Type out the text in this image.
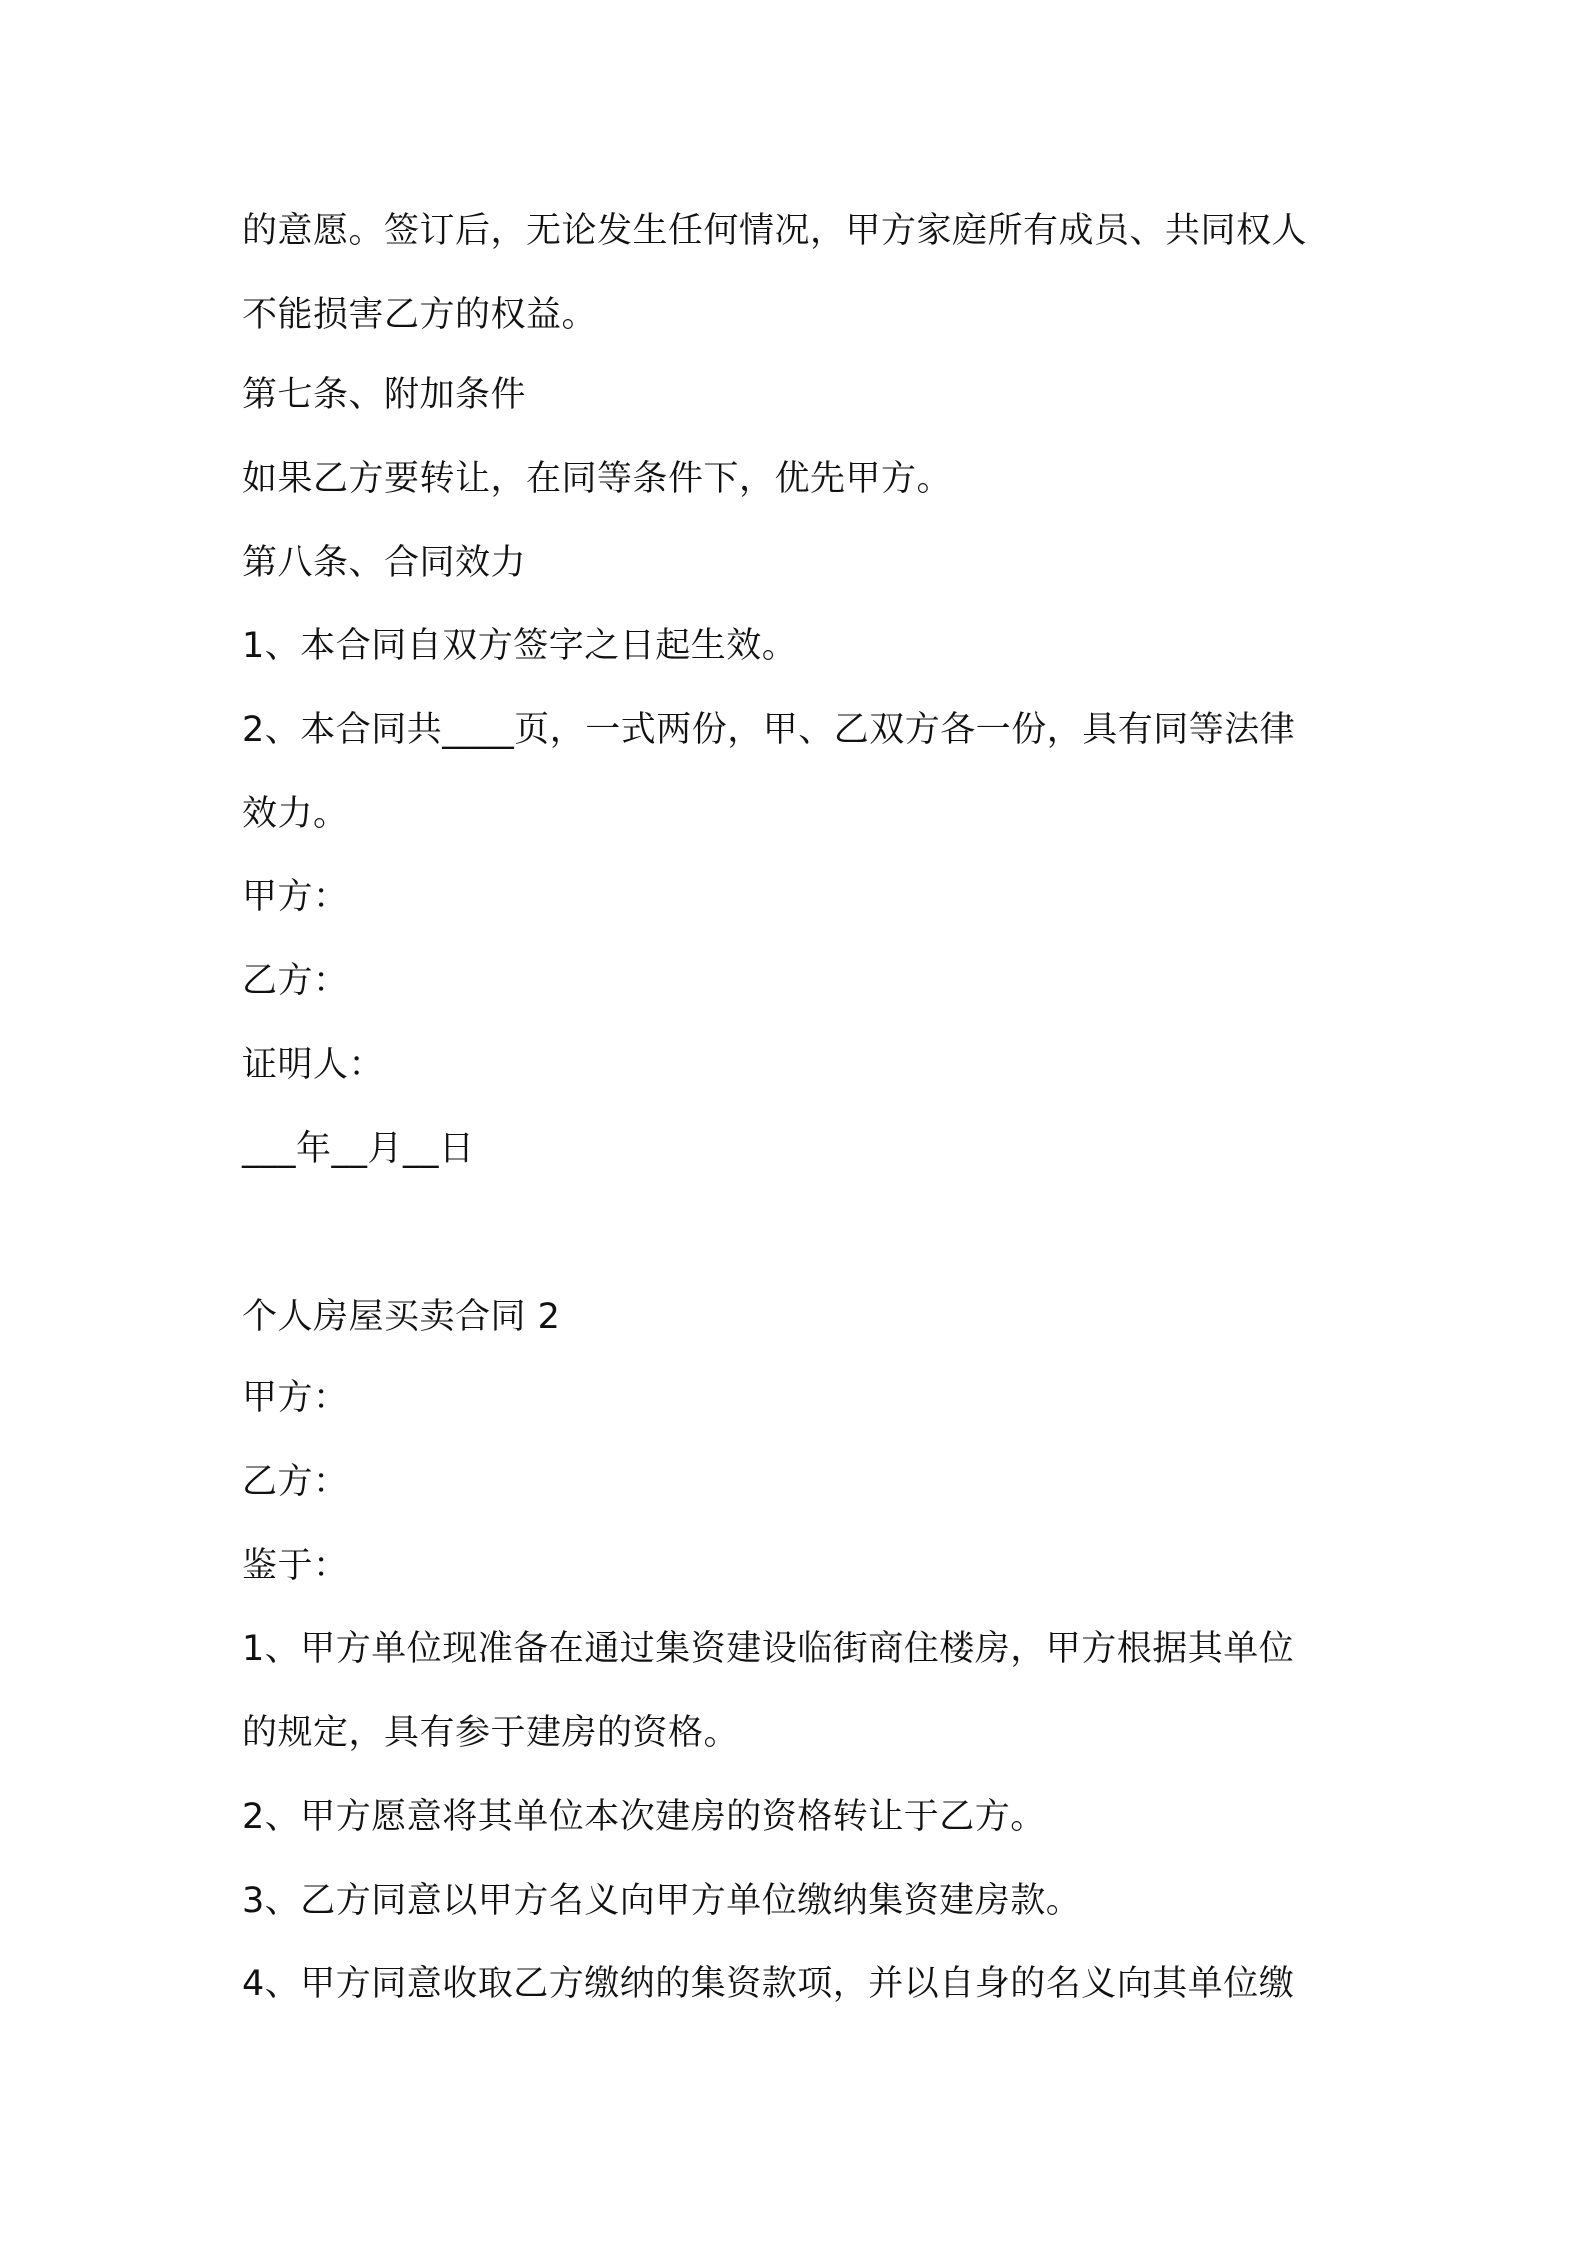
的意愿。签订后，无论发生任何情况，甲方家庭所有成员、共同权人
不能损害乙方的权益。
第七条、附加条件
如果乙方要转让，在同等条件下，优先甲方。
第八条、合同效力
1、本合同自双方签字之日起生效。
2、本合同共____页，一式两份，甲、乙双方各一份，具有同等法律
效力。
甲方：
乙方：
证明人：
___年__月__日
个人房屋买卖合同 2
甲方：
乙方：
鉴于：
1、甲方单位现准备在通过集资建设临街商住楼房，甲方根据其单位
的规定，具有参于建房的资格。
2、甲方愿意将其单位本次建房的资格转让于乙方。
3、乙方同意以甲方名义向甲方单位缴纳集资建房款。
4、甲方同意收取乙方缴纳的集资款项，并以自身的名义向其单位缴
